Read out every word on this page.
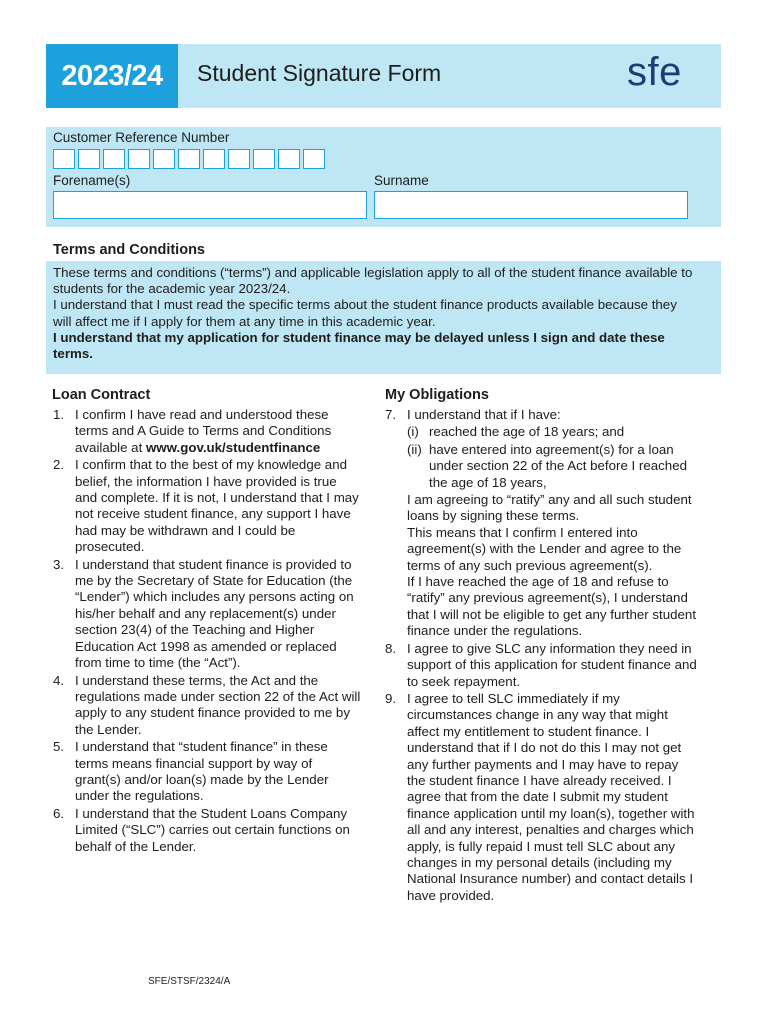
2023/24	Student Signature Form	sfe
Customer Reference Number
Forename(s)	Surname
Terms and Conditions

These terms and conditions (“terms”) and applicable legislation apply to all of the student finance available to students for the academic year 2023/24.

I understand that I must read the specific terms about the student finance products available because they will affect me if I apply for them at any time in this academic year.

I understand that my application for student finance may be delayed unless I sign and date these terms.

Loan Contract
1. I confirm I have read and understood these terms and A Guide to Terms and Conditions available at www.gov.uk/studentfinance
2. I confirm that to the best of my knowledge and belief, the information I have provided is true and complete. If it is not, I understand that I may not receive student finance, any support I have had may be withdrawn and I could be prosecuted.
3. I understand that student finance is provided to me by the Secretary of State for Education (the “Lender”) which includes any persons acting on his/her behalf and any replacement(s) under section 23(4) of the Teaching and Higher Education Act 1998 as amended or replaced from time to time (the “Act”).
4. I understand these terms, the Act and the regulations made under section 22 of the Act will apply to any student finance provided to me by the Lender.
5. I understand that “student finance” in these terms means financial support by way of grant(s) and/or loan(s) made by the Lender under the regulations.
6. I understand that the Student Loans Company Limited (“SLC”) carries out certain functions on behalf of the Lender.
My Obligations
7. I understand that if I have:
(i) reached the age of 18 years; and
(ii) have entered into agreement(s) for a loan under section 22 of the Act before I reached the age of 18 years,
I am agreeing to “ratify” any and all such student loans by signing these terms.
This means that I confirm I entered into agreement(s) with the Lender and agree to the terms of any such previous agreement(s).
If I have reached the age of 18 and refuse to “ratify” any previous agreement(s), I understand that I will not be eligible to get any further student finance under the regulations.
8. I agree to give SLC any information they need in support of this application for student finance and to seek repayment.
9. I agree to tell SLC immediately if my circumstances change in any way that might affect my entitlement to student finance. I understand that if I do not do this I may not get any further payments and I may have to repay the student finance I have already received. I agree that from the date I submit my student finance application until my loan(s), together with all and any interest, penalties and charges which apply, is fully repaid I must tell SLC about any changes in my personal details (including my National Insurance number) and contact details I have provided.
SFE/STSF/2324/A
